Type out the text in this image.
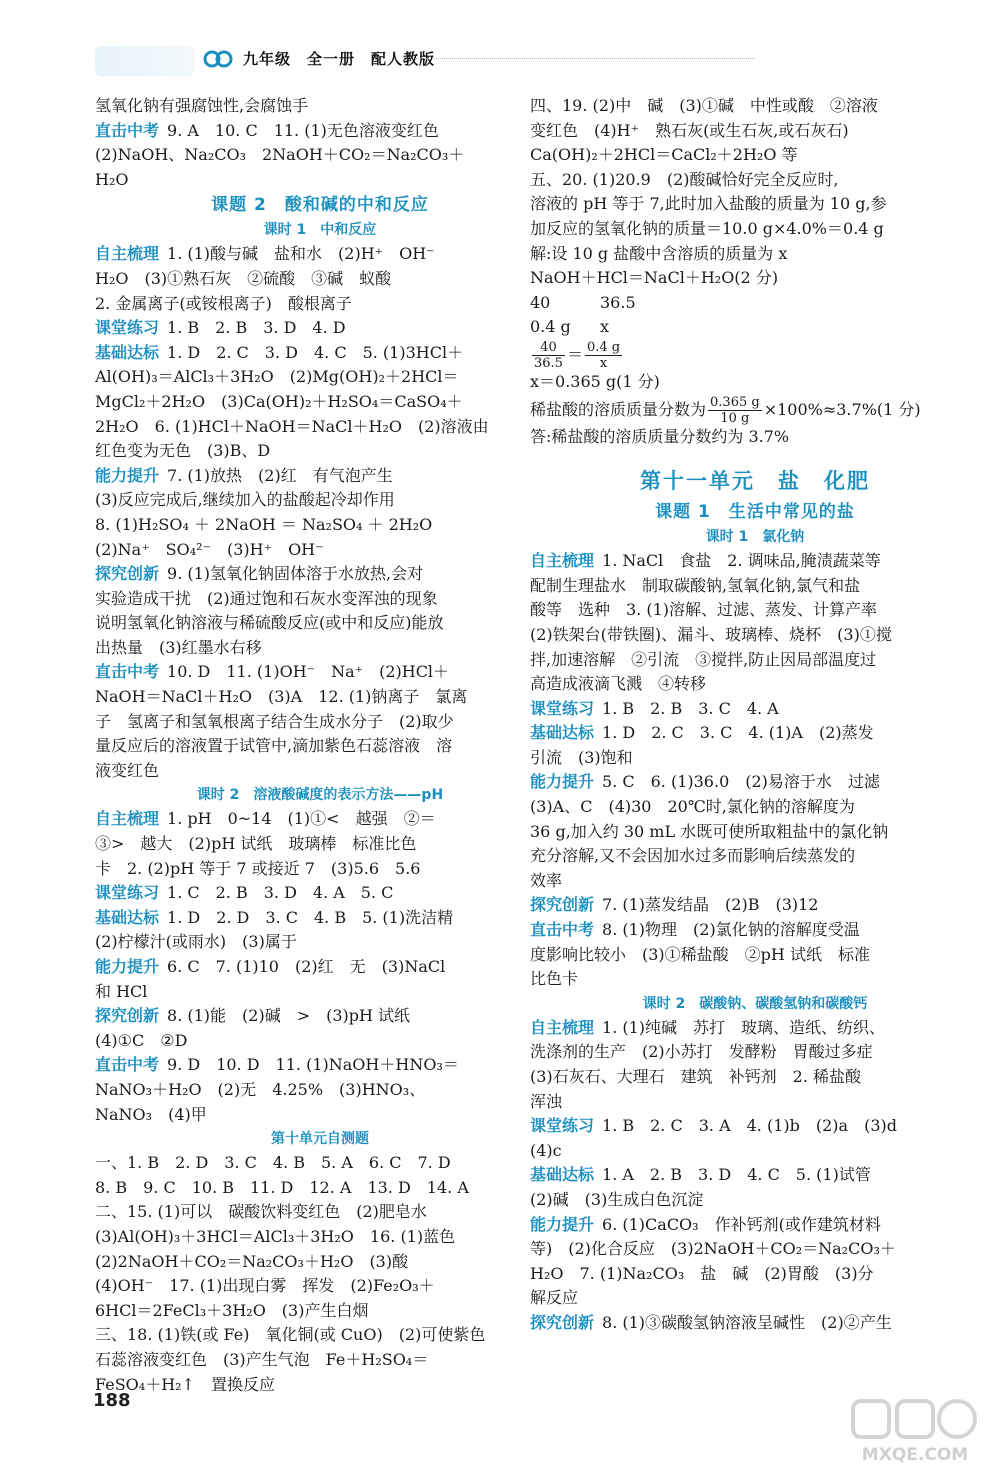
九年级　全一册　配人教版
氢氧化钠有强腐蚀性,会腐蚀手
直击中考 9. A　10. C　11. (1)无色溶液变红色
(2)NaOH、Na₂CO₃　2NaOH＋CO₂＝Na₂CO₃＋
H₂O
课题 2　酸和碱的中和反应
课时 1　中和反应
自主梳理 1. (1)酸与碱　盐和水　(2)H⁺　OH⁻
H₂O　(3)①熟石灰　②硫酸　③碱　蚁酸
2. 金属离子(或铵根离子)　酸根离子
课堂练习 1. B　2. B　3. D　4. D
基础达标 1. D　2. C　3. D　4. C　5. (1)3HCl＋
Al(OH)₃＝AlCl₃＋3H₂O　(2)Mg(OH)₂＋2HCl＝
MgCl₂＋2H₂O　(3)Ca(OH)₂＋H₂SO₄＝CaSO₄＋
2H₂O　6. (1)HCl＋NaOH＝NaCl＋H₂O　(2)溶液由
红色变为无色　(3)B、D
能力提升 7. (1)放热　(2)红　有气泡产生
(3)反应完成后,继续加入的盐酸起冷却作用
8. (1)H₂SO₄ ＋ 2NaOH ＝ Na₂SO₄ ＋ 2H₂O
(2)Na⁺　SO₄²⁻　(3)H⁺　OH⁻
探究创新 9. (1)氢氧化钠固体溶于水放热,会对
实验造成干扰　(2)通过饱和石灰水变浑浊的现象
说明氢氧化钠溶液与稀硫酸反应(或中和反应)能放
出热量　(3)红墨水右移
直击中考 10. D　11. (1)OH⁻　Na⁺　(2)HCl＋
NaOH＝NaCl＋H₂O　(3)A　12. (1)钠离子　氯离
子　氢离子和氢氧根离子结合生成水分子　(2)取少
量反应后的溶液置于试管中,滴加紫色石蕊溶液　溶
液变红色
课时 2　溶液酸碱度的表示方法——pH
自主梳理 1. pH　0~14　(1)①<　越强　②＝
③>　越大　(2)pH 试纸　玻璃棒　标准比色
卡　2. (2)pH 等于 7 或接近 7　(3)5.6　5.6
课堂练习 1. C　2. B　3. D　4. A　5. C
基础达标 1. D　2. D　3. C　4. B　5. (1)洗洁精
(2)柠檬汁(或雨水)　(3)属于
能力提升 6. C　7. (1)10　(2)红　无　(3)NaCl
和 HCl
探究创新 8. (1)能　(2)碱　>　(3)pH 试纸
(4)①C　②D
直击中考 9. D　10. D　11. (1)NaOH＋HNO₃＝
NaNO₃＋H₂O　(2)无　4.25%　(3)HNO₃、
NaNO₃　(4)甲
第十单元自测题
一、1. B　2. D　3. C　4. B　5. A　6. C　7. D
8. B　9. C　10. B　11. D　12. A　13. D　14. A
二、15. (1)可以　碳酸饮料变红色　(2)肥皂水
(3)Al(OH)₃＋3HCl＝AlCl₃＋3H₂O　16. (1)蓝色
(2)2NaOH＋CO₂＝Na₂CO₃＋H₂O　(3)酸
(4)OH⁻　17. (1)出现白雾　挥发　(2)Fe₂O₃＋
6HCl＝2FeCl₃＋3H₂O　(3)产生白烟
三、18. (1)铁(或 Fe)　氧化铜(或 CuO)　(2)可使紫色
石蕊溶液变红色　(3)产生气泡　Fe＋H₂SO₄＝
FeSO₄＋H₂↑　置换反应
四、19. (2)中　碱　(3)①碱　中性或酸　②溶液
变红色　(4)H⁺　熟石灰(或生石灰,或石灰石)
Ca(OH)₂＋2HCl＝CaCl₂＋2H₂O 等
五、20. (1)20.9　(2)酸碱恰好完全反应时,
溶液的 pH 等于 7,此时加入盐酸的质量为 10 g,参
加反应的氢氧化钠的质量＝10.0 g×4.0%＝0.4 g
解:设 10 g 盐酸中含溶质的质量为 x
NaOH＋HCl＝NaCl＋H₂O(2 分)
40	36.5
0.4 g x
$\frac{40}{36.5} = \frac{0.4 g}{x}$
x＝0.365 g(1 分)
稀盐酸的溶质质量分数为 $\frac{0.365 g}{10 g} \times 100\%\approx 3.7\%(1$ 分)
答:稀盐酸的溶质质量分数约为 3.7%
第十一单元　盐　化肥
课题 1　生活中常见的盐
课时 1　氯化钠
自主梳理 1. NaCl　食盐　2. 调味品,腌渍蔬菜等
配制生理盐水　制取碳酸钠,氢氧化钠,氯气和盐
酸等　选种　3. (1)溶解、过滤、蒸发、计算产率
(2)铁架台(带铁圈)、漏斗、玻璃棒、烧杯　(3)①搅
拌,加速溶解　②引流　③搅拌,防止因局部温度过
高造成液滴飞溅　④转移
课堂练习 1. B　2. B　3. C　4. A
基础达标 1. D　2. C　3. C　4. (1)A　(2)蒸发
引流　(3)饱和
能力提升 5. C　6. (1)36.0　(2)易溶于水　过滤
(3)A、C　(4)30　20℃时,氯化钠的溶解度为
36 g,加入约 30 mL 水既可使所取粗盐中的氯化钠
充分溶解,又不会因加水过多而影响后续蒸发的
效率
探究创新 7. (1)蒸发结晶　(2)B　(3)12
直击中考 8. (1)物理　(2)氯化钠的溶解度受温
度影响比较小　(3)①稀盐酸　②pH 试纸　标准
比色卡
课时 2　碳酸钠、碳酸氢钠和碳酸钙
自主梳理 1. (1)纯碱　苏打　玻璃、造纸、纺织、
洗涤剂的生产　(2)小苏打　发酵粉　胃酸过多症
(3)石灰石、大理石　建筑　补钙剂　2. 稀盐酸
浑浊
课堂练习 1. B　2. C　3. A　4. (1)b　(2)a　(3)d
(4)c
基础达标 1. A　2. B　3. D　4. C　5. (1)试管
(2)碱　(3)生成白色沉淀
能力提升 6. (1)CaCO₃　作补钙剂(或作建筑材料
等)　(2)化合反应　(3)2NaOH＋CO₂＝Na₂CO₃＋
H₂O　7. (1)Na₂CO₃　盐　碱　(2)胃酸　(3)分
解反应
探究创新 8. (1)③碳酸氢钠溶液呈碱性　(2)②产生
188
MXQE.COM
